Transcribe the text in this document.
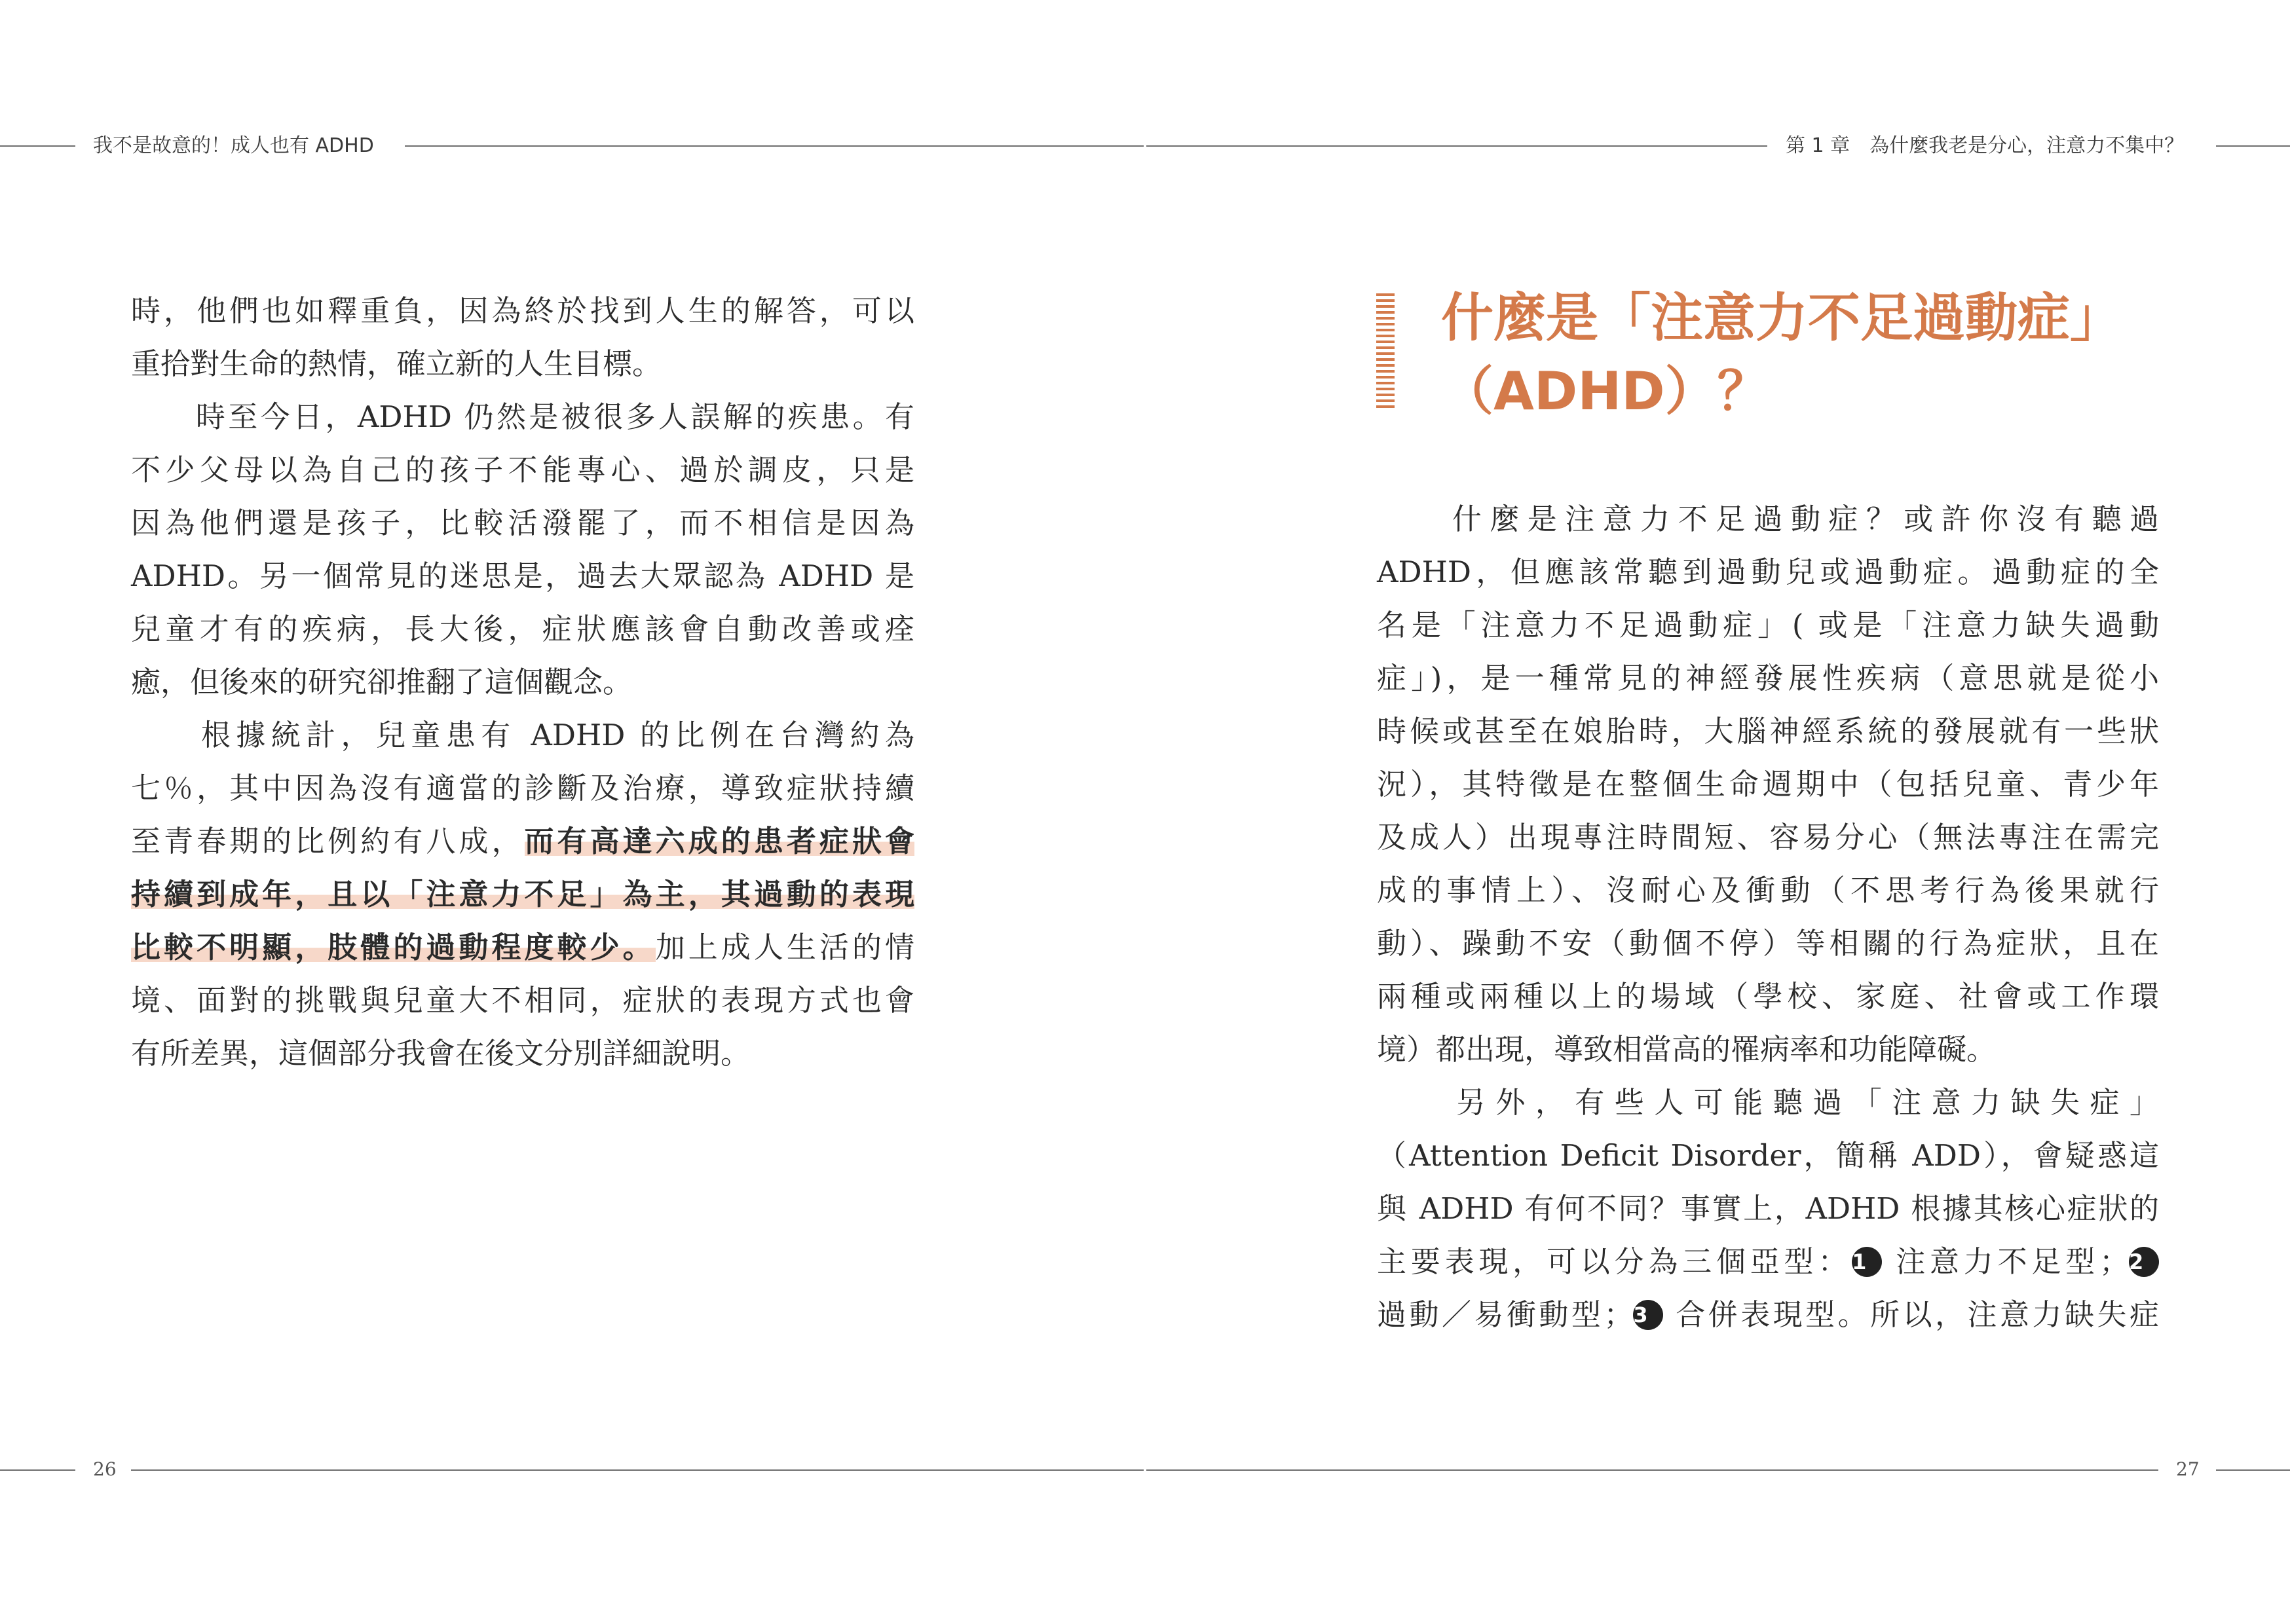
我不是故意的！成人也有 ADHD	第 1 章　為什麼我老是分心，注意力不集中？
26	27
時，他們也如釋重負，因為終於找到人生的解答，可以
重拾對生命的熱情，確立新的人生目標。
　　時至今日，ADHD 仍然是被很多人誤解的疾患。有
不少父母以為自己的孩子不能專心、過於調皮，只是
因為他們還是孩子，比較活潑罷了，而不相信是因為
ADHD。另一個常見的迷思是，過去大眾認為 ADHD 是
兒童才有的疾病，長大後，症狀應該會自動改善或痊
癒，但後來的研究卻推翻了這個觀念。
　　根據統計，兒童患有 ADHD 的比例在台灣約為
七％，其中因為沒有適當的診斷及治療，導致症狀持續
至青春期的比例約有八成，而有高達六成的患者症狀會
持續到成年，且以「注意力不足」為主，其過動的表現
比較不明顯，肢體的過動程度較少。加上成人生活的情
境、面對的挑戰與兒童大不相同，症狀的表現方式也會
有所差異，這個部分我會在後文分別詳細說明。
什麼是「注意力不足過動症」
（ADHD）？
　　什麼是注意力不足過動症？或許你沒有聽過
ADHD，但應該常聽到過動兒或過動症。過動症的全
名是「注意力不足過動症」( 或是「注意力缺失過動
症」)，是一種常見的神經發展性疾病（意思就是從小
時候或甚至在娘胎時，大腦神經系統的發展就有一些狀
況），其特徵是在整個生命週期中（包括兒童、青少年
及成人）出現專注時間短、容易分心（無法專注在需完
成的事情上）、沒耐心及衝動（不思考行為後果就行
動）、躁動不安（動個不停）等相關的行為症狀，且在
兩種或兩種以上的場域（學校、家庭、社會或工作環
境）都出現，導致相當高的罹病率和功能障礙。
　　另外，有些人可能聽過「注意力缺失症」
（Attention Deficit Disorder，簡稱 ADD），會疑惑這
與 ADHD 有何不同？事實上，ADHD 根據其核心症狀的
主要表現，可以分為三個亞型：1 注意力不足型；2
過動／易衝動型；3 合併表現型。所以，注意力缺失症
